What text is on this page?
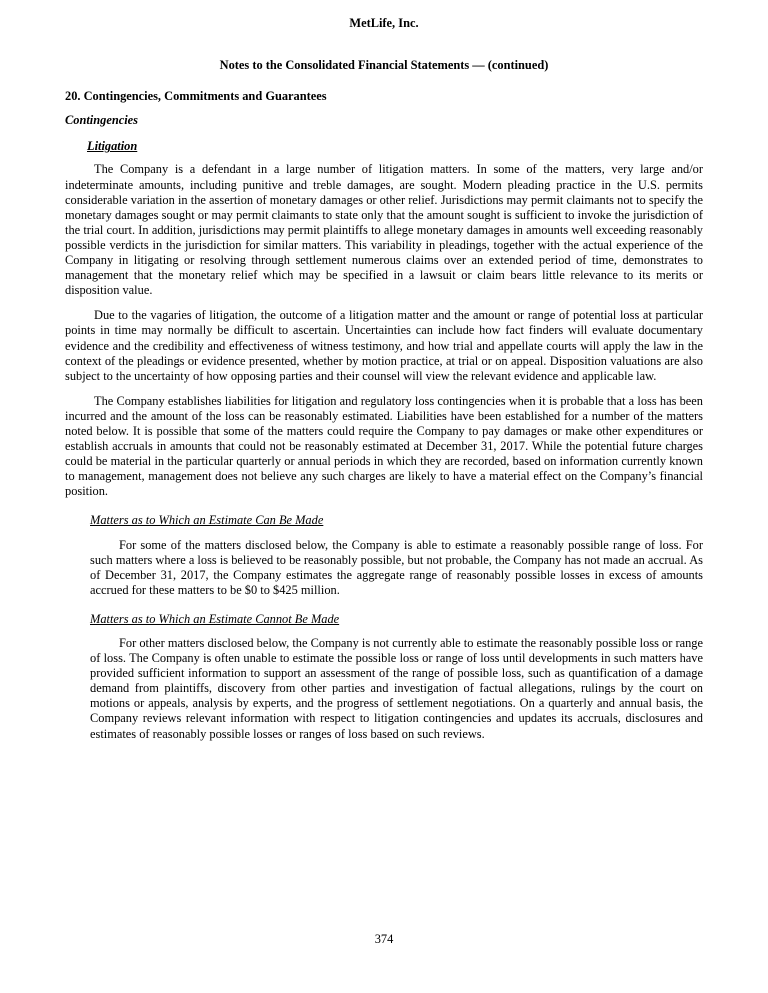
MetLife, Inc.
Notes to the Consolidated Financial Statements — (continued)
20. Contingencies, Commitments and Guarantees
Contingencies
Litigation

The Company is a defendant in a large number of litigation matters. In some of the matters, very large and/or indeterminate amounts, including punitive and treble damages, are sought. Modern pleading practice in the U.S. permits considerable variation in the assertion of monetary damages or other relief. Jurisdictions may permit claimants not to specify the monetary damages sought or may permit claimants to state only that the amount sought is sufficient to invoke the jurisdiction of the trial court. In addition, jurisdictions may permit plaintiffs to allege monetary damages in amounts well exceeding reasonably possible verdicts in the jurisdiction for similar matters. This variability in pleadings, together with the actual experience of the Company in litigating or resolving through settlement numerous claims over an extended period of time, demonstrates to management that the monetary relief which may be specified in a lawsuit or claim bears little relevance to its merits or disposition value.

Due to the vagaries of litigation, the outcome of a litigation matter and the amount or range of potential loss at particular points in time may normally be difficult to ascertain. Uncertainties can include how fact finders will evaluate documentary evidence and the credibility and effectiveness of witness testimony, and how trial and appellate courts will apply the law in the context of the pleadings or evidence presented, whether by motion practice, at trial or on appeal. Disposition valuations are also subject to the uncertainty of how opposing parties and their counsel will view the relevant evidence and applicable law.

The Company establishes liabilities for litigation and regulatory loss contingencies when it is probable that a loss has been incurred and the amount of the loss can be reasonably estimated. Liabilities have been established for a number of the matters noted below. It is possible that some of the matters could require the Company to pay damages or make other expenditures or establish accruals in amounts that could not be reasonably estimated at December 31, 2017. While the potential future charges could be material in the particular quarterly or annual periods in which they are recorded, based on information currently known to management, management does not believe any such charges are likely to have a material effect on the Company’s financial position.

Matters as to Which an Estimate Can Be Made

For some of the matters disclosed below, the Company is able to estimate a reasonably possible range of loss. For such matters where a loss is believed to be reasonably possible, but not probable, the Company has not made an accrual. As of December 31, 2017, the Company estimates the aggregate range of reasonably possible losses in excess of amounts accrued for these matters to be $0 to $425 million.

Matters as to Which an Estimate Cannot Be Made

For other matters disclosed below, the Company is not currently able to estimate the reasonably possible loss or range of loss. The Company is often unable to estimate the possible loss or range of loss until developments in such matters have provided sufficient information to support an assessment of the range of possible loss, such as quantification of a damage demand from plaintiffs, discovery from other parties and investigation of factual allegations, rulings by the court on motions or appeals, analysis by experts, and the progress of settlement negotiations. On a quarterly and annual basis, the Company reviews relevant information with respect to litigation contingencies and updates its accruals, disclosures and estimates of reasonably possible losses or ranges of loss based on such reviews.

374
